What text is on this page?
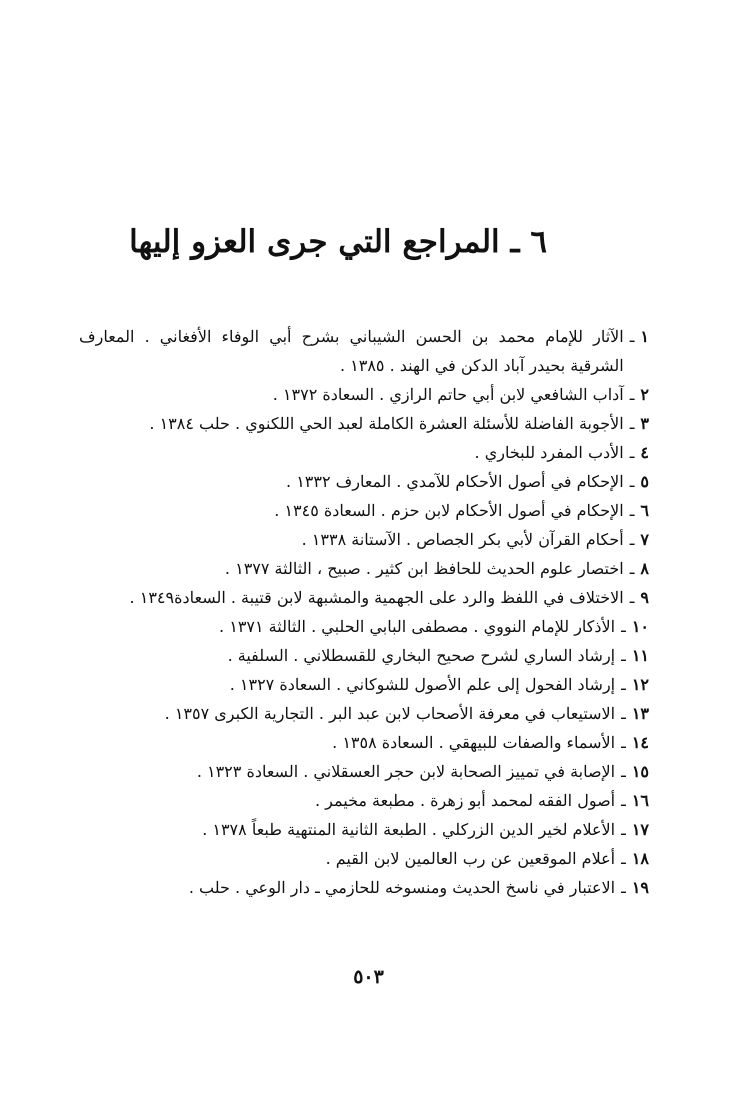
٦ ـ المراجع التي جرى العزو إليها
١
ـ
الآثار للإمام محمد بن الحسن الشيباني بشرح أبي الوفاء الأفغاني . المعارف الشرقية بحيدر آباد الدكن في الهند . ١٣٨٥ .
٢
ـ
آداب الشافعي لابن أبي حاتم الرازي . السعادة ١٣٧٢ .
٣
ـ
الأجوبة الفاضلة للأسئلة العشرة الكاملة لعبد الحي اللكنوي . حلب ١٣٨٤ .
٤
ـ
الأدب المفرد للبخاري .
٥
ـ
الإحكام في أصول الأحكام للآمدي . المعارف ١٣٣٢ .
٦
ـ
الإحكام في أصول الأحكام لابن حزم . السعادة ١٣٤٥ .
٧
ـ
أحكام القرآن لأبي بكر الجصاص . الآستانة ١٣٣٨ .
٨
ـ
اختصار علوم الحديث للحافظ ابن كثير . صبيح ، الثالثة ١٣٧٧ .
٩
ـ
الاختلاف في اللفظ والرد على الجهمية والمشبهة لابن قتيبة . السعادة١٣٤٩ .
١٠
ـ
الأذكار للإمام النووي . مصطفى البابي الحلبي . الثالثة ١٣٧١ .
١١
ـ
إرشاد الساري لشرح صحيح البخاري للقسطلاني . السلفية .
١٢
ـ
إرشاد الفحول إلى علم الأصول للشوكاني . السعادة ١٣٢٧ .
١٣
ـ
الاستيعاب في معرفة الأصحاب لابن عبد البر . التجارية الكبرى ١٣٥٧ .
١٤
ـ
الأسماء والصفات للبيهقي . السعادة ١٣٥٨ .
١٥
ـ
الإصابة في تمييز الصحابة لابن حجر العسقلاني . السعادة ١٣٢٣ .
١٦
ـ
أصول الفقه لمحمد أبو زهرة . مطبعة مخيمر .
١٧
ـ
الأعلام لخير الدين الزركلي . الطبعة الثانية المنتهية طبعاً ١٣٧٨ .
١٨
ـ
أعلام الموقعين عن رب العالمين لابن القيم .
١٩
ـ
الاعتبار في ناسخ الحديث ومنسوخه للحازمي ـ دار الوعي . حلب .
٥٠٣
